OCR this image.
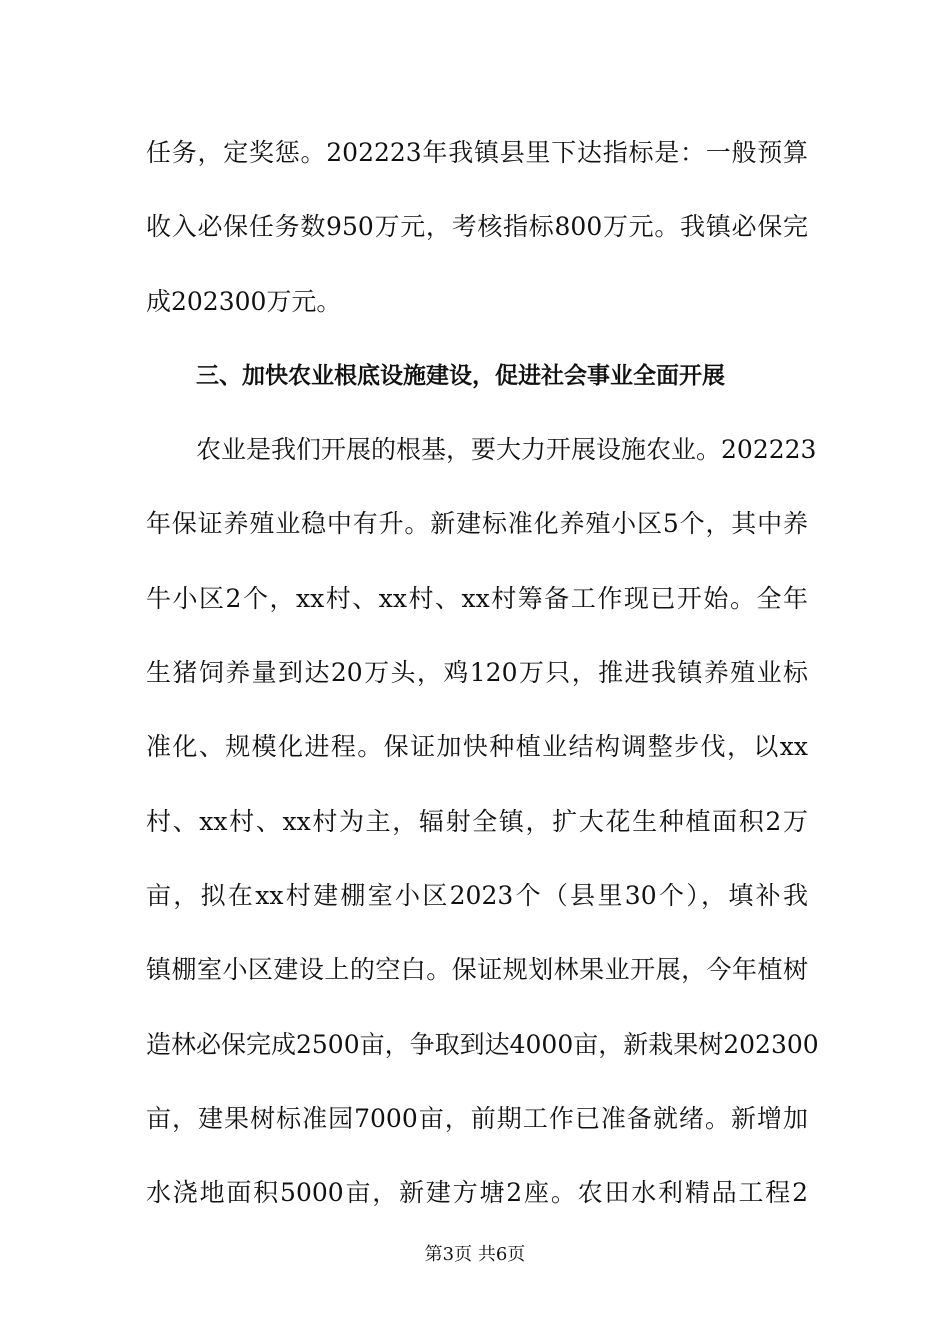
任务，定奖惩。202223年我镇县里下达指标是：一般预算
收入必保任务数950万元，考核指标800万元。我镇必保完
成202300万元。
三、加快农业根底设施建设，促进社会事业全面开展
农业是我们开展的根基，要大力开展设施农业。202223
年保证养殖业稳中有升。新建标准化养殖小区5个，其中养
牛小区2个，xx村、xx村、xx村筹备工作现已开始。全年
生猪饲养量到达20万头，鸡120万只，推进我镇养殖业标
准化、规模化进程。保证加快种植业结构调整步伐，以xx
村、xx村、xx村为主，辐射全镇，扩大花生种植面积2万
亩，拟在xx村建棚室小区2023个（县里30个），填补我
镇棚室小区建设上的空白。保证规划林果业开展，今年植树
造林必保完成2500亩，争取到达4000亩，新栽果树202300
亩，建果树标准园7000亩，前期工作已准备就绪。新增加
水浇地面积5000亩，新建方塘2座。农田水利精品工程2
第3页 共6页
